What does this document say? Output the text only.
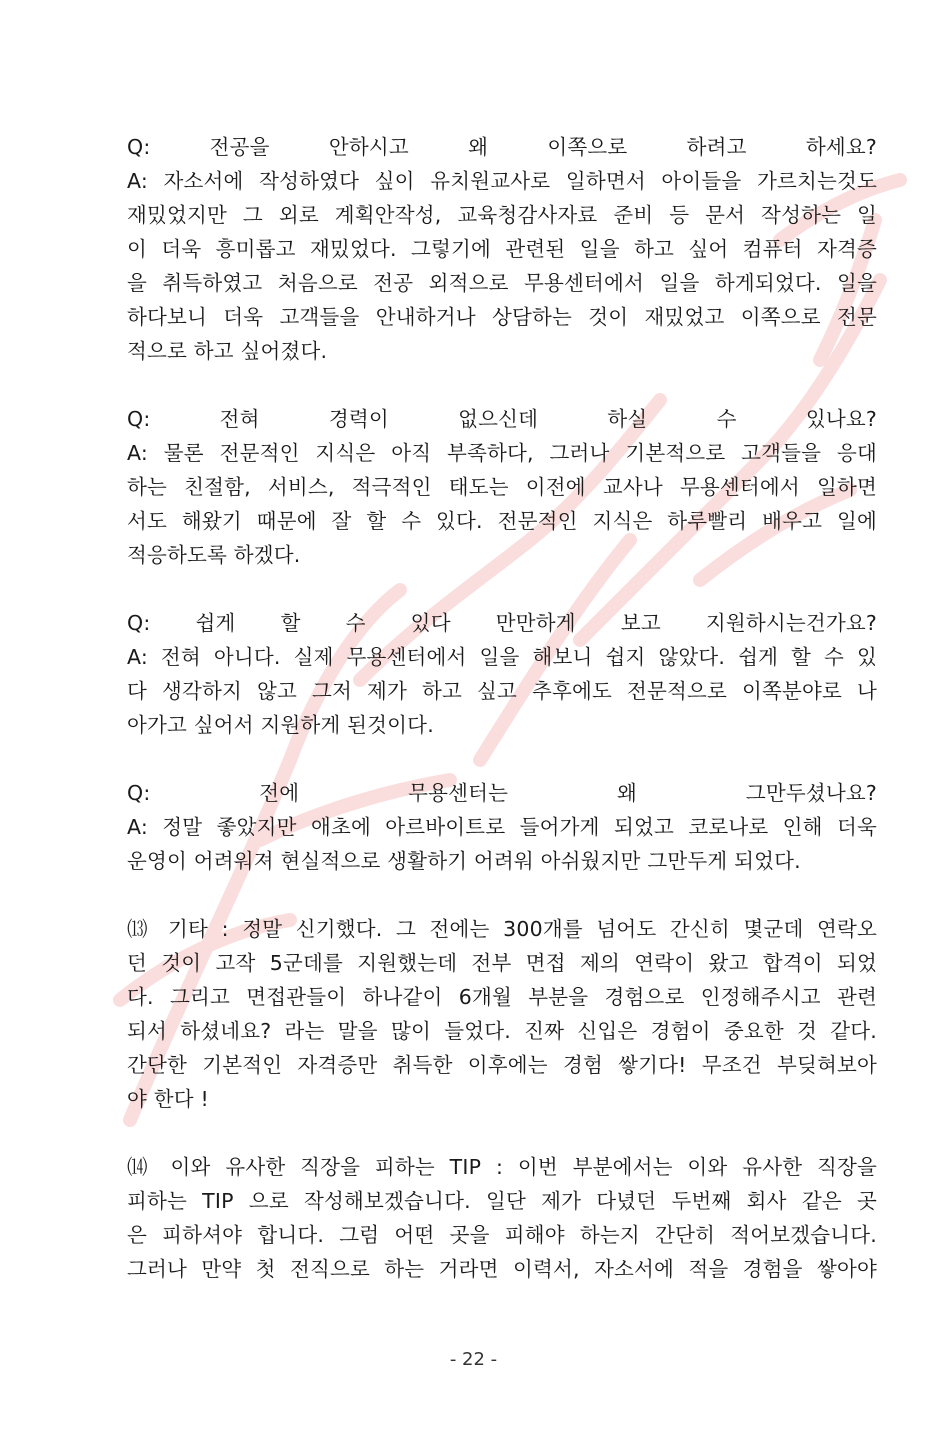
Q: 전공을 안하시고 왜 이쪽으로 하려고 하세요?
A: 자소서에 작성하였다 싶이 유치원교사로 일하면서 아이들을 가르치는것도
재밌었지만 그 외로 계획안작성, 교육청감사자료 준비 등 문서 작성하는 일
이 더욱 흥미롭고 재밌었다. 그렇기에 관련된 일을 하고 싶어 컴퓨터 자격증
을 취득하였고 처음으로 전공 외적으로 무용센터에서 일을 하게되었다. 일을
하다보니 더욱 고객들을 안내하거나 상담하는 것이 재밌었고 이쪽으로 전문
적으로 하고 싶어졌다.
Q: 전혀 경력이 없으신데 하실 수 있나요?
A: 물론 전문적인 지식은 아직 부족하다, 그러나 기본적으로 고객들을 응대
하는 친절함, 서비스, 적극적인 태도는 이전에 교사나 무용센터에서 일하면
서도 해왔기 때문에 잘 할 수 있다. 전문적인 지식은 하루빨리 배우고 일에
적응하도록 하겠다.
Q: 쉽게 할 수 있다 만만하게 보고 지원하시는건가요?
A: 전혀 아니다. 실제 무용센터에서 일을 해보니 쉽지 않았다. 쉽게 할 수 있
다 생각하지 않고 그저 제가 하고 싶고 추후에도 전문적으로 이쪽분야로 나
아가고 싶어서 지원하게 된것이다.
Q: 전에 무용센터는 왜 그만두셨나요?
A: 정말 좋았지만 애초에 아르바이트로 들어가게 되었고 코로나로 인해 더욱
운영이 어려워져 현실적으로 생활하기 어려워 아쉬웠지만 그만두게 되었다.
⒀ 기타 : 정말 신기했다. 그 전에는 300개를 넘어도 간신히 몇군데 연락오
던 것이 고작 5군데를 지원했는데 전부 면접 제의 연락이 왔고 합격이 되었
다. 그리고 면접관들이 하나같이 6개월 부분을 경험으로 인정해주시고 관련
되서 하셨네요? 라는 말을 많이 들었다. 진짜 신입은 경험이 중요한 것 같다.
간단한 기본적인 자격증만 취득한 이후에는 경험 쌓기다! 무조건 부딪혀보아
야 한다 !
⒁ 이와 유사한 직장을 피하는 TIP : 이번 부분에서는 이와 유사한 직장을
피하는 TIP 으로 작성해보겠습니다. 일단 제가 다녔던 두번째 회사 같은 곳
은 피하셔야 합니다. 그럼 어떤 곳을 피해야 하는지 간단히 적어보겠습니다.
그러나 만약 첫 전직으로 하는 거라면 이력서, 자소서에 적을 경험을 쌓아야
- 22 -
